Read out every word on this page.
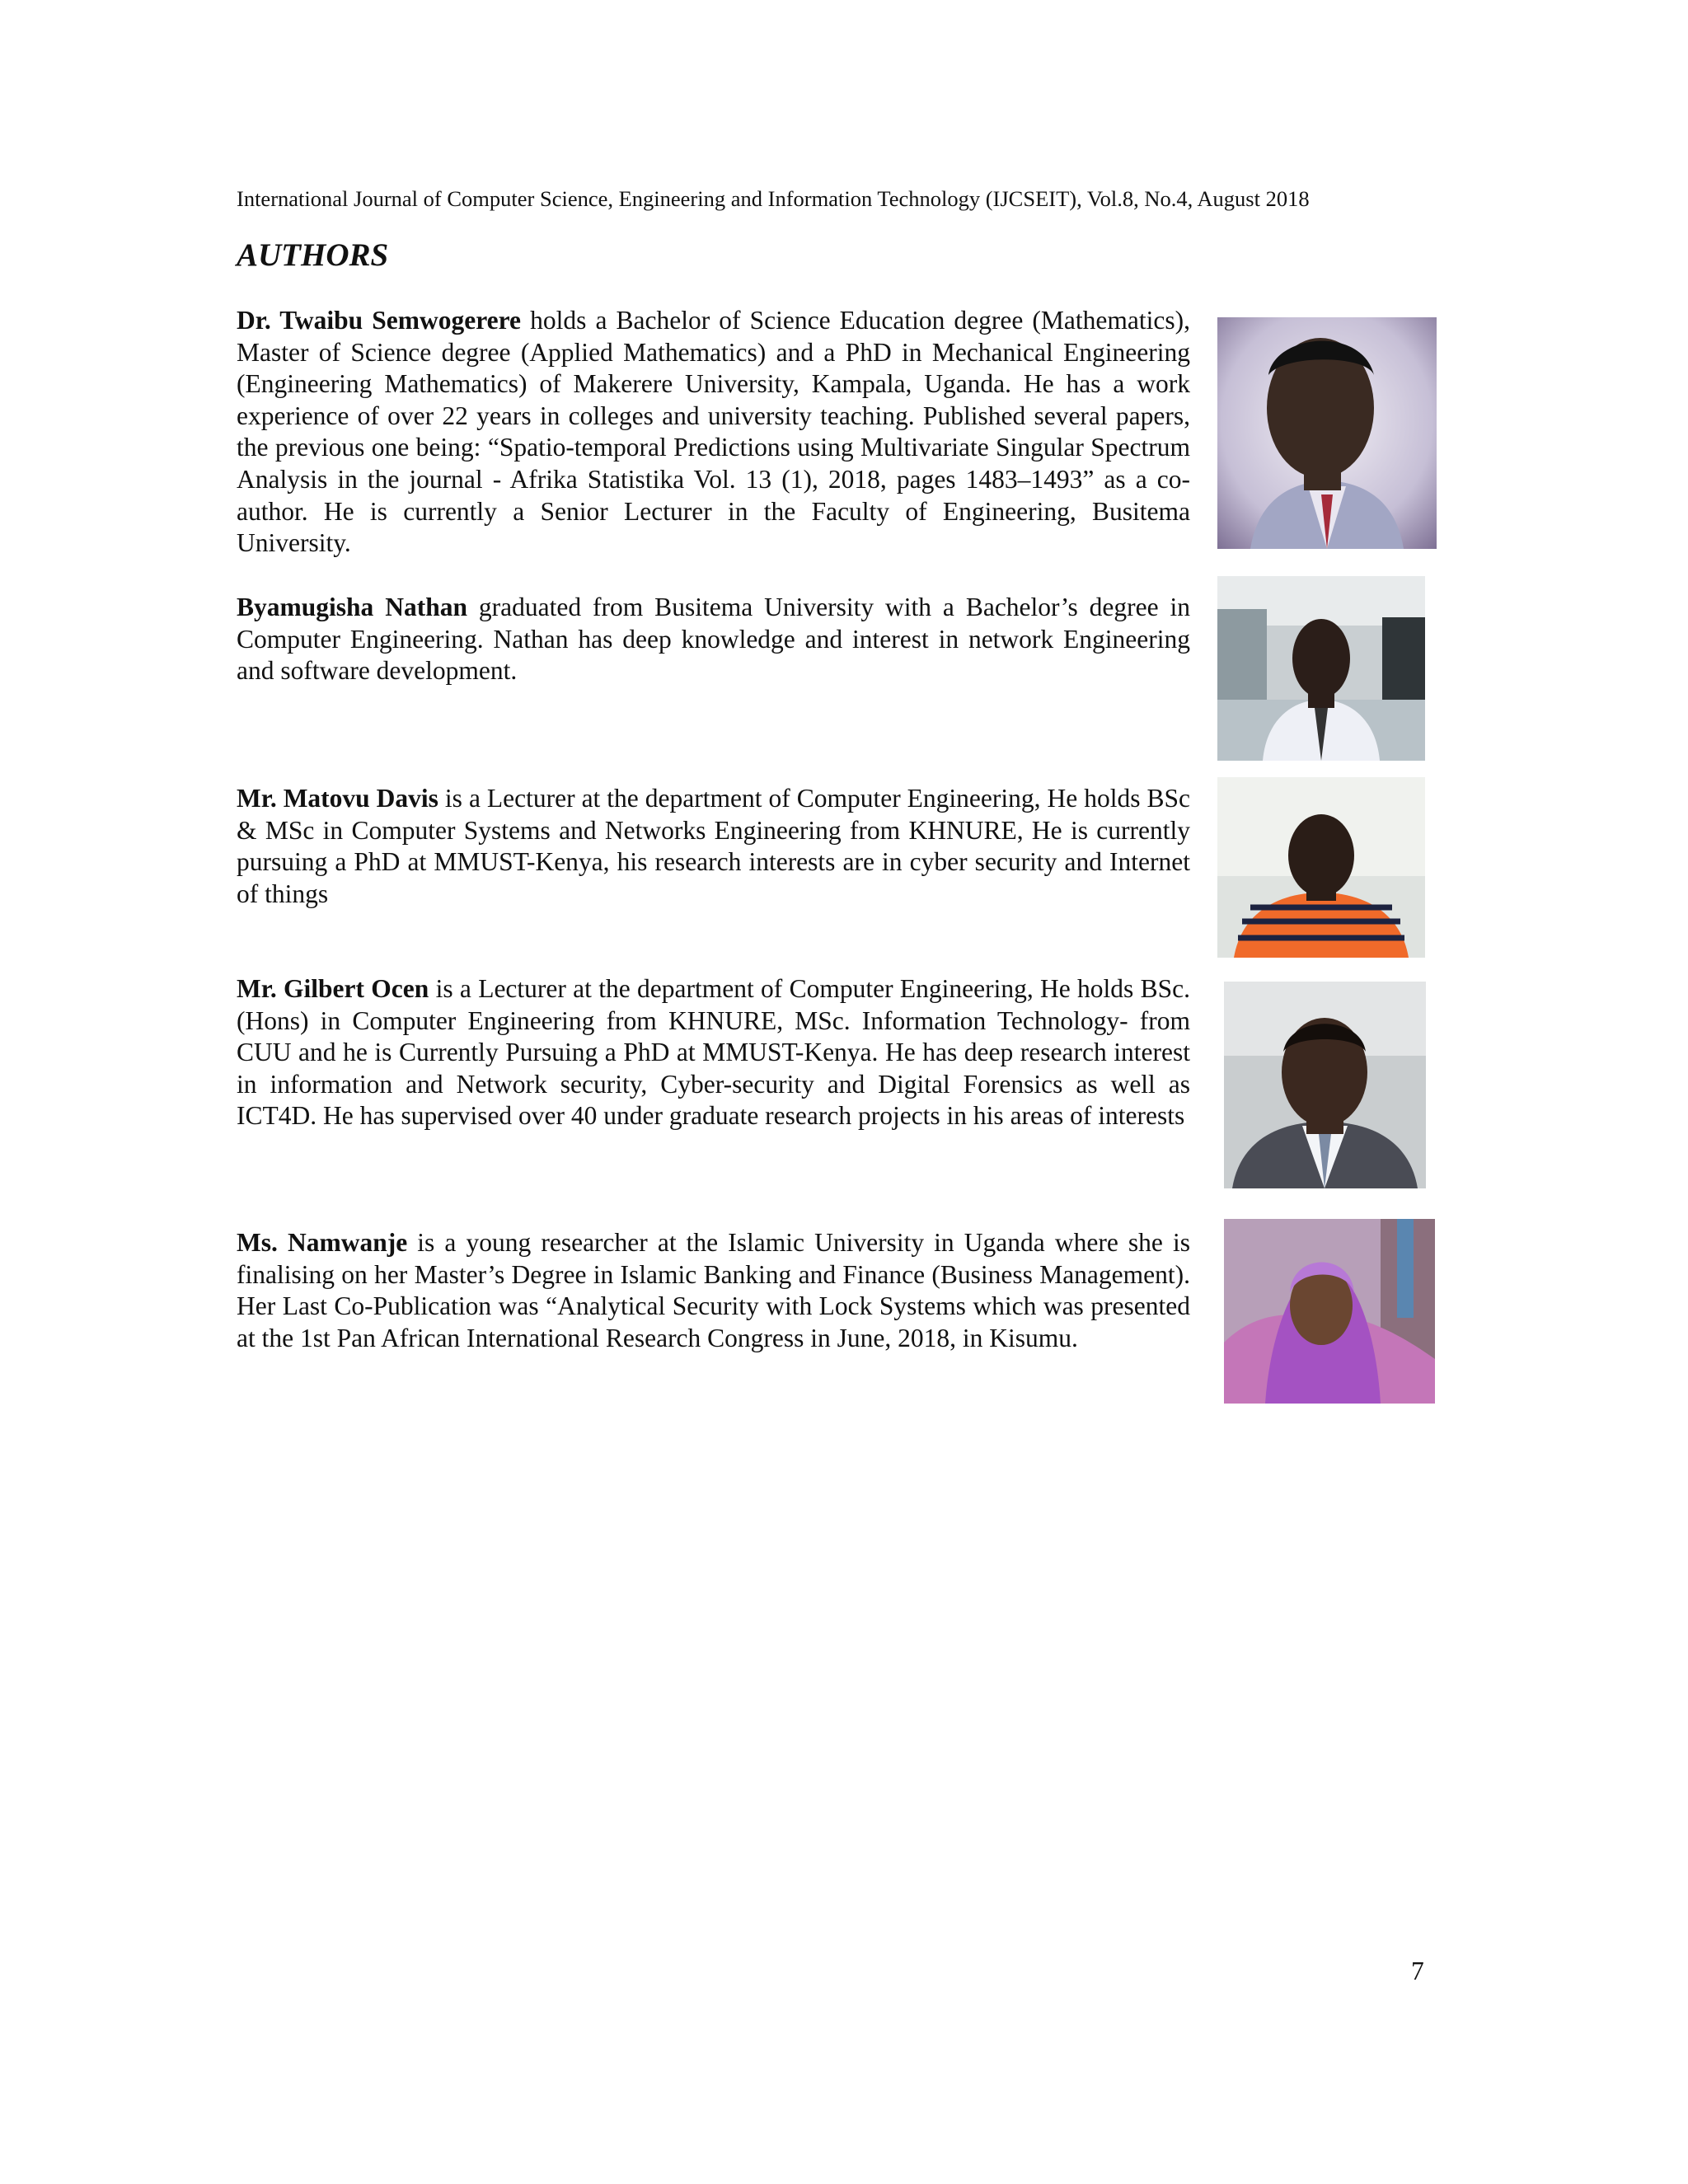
International Journal of Computer Science, Engineering and Information Technology (IJCSEIT), Vol.8, No.4, August 2018
AUTHORS

Dr. Twaibu Semwogerere holds a Bachelor of Science Education degree (Mathematics), Master of Science degree (Applied Mathematics) and a PhD in Mechanical Engineering (Engineering Mathematics) of Makerere University, Kampala, Uganda. He has a work experience of over 22 years in colleges and university teaching. Published several papers, the previous one being: “Spatio-temporal Predictions using Multivariate Singular Spectrum Analysis in the journal - Afrika Statistika Vol. 13 (1), 2018, pages 1483–1493” as a co-author. He is currently a Senior Lecturer in the Faculty of Engineering, Busitema University.

Byamugisha Nathan graduated from Busitema University with a Bachelor’s degree in Computer Engineering. Nathan has deep knowledge and interest in network Engineering and software development.

Mr. Matovu Davis is a Lecturer at the department of Computer Engineering, He holds BSc & MSc in Computer Systems and Networks Engineering from KHNURE, He is currently pursuing a PhD at MMUST-Kenya, his research interests are in cyber security and Internet of things

Mr. Gilbert Ocen is a Lecturer at the department of Computer Engineering, He holds BSc. (Hons) in Computer Engineering from KHNURE, MSc. Information Technology- from CUU and he is Currently Pursuing a PhD at MMUST-Kenya. He has deep research interest in information and Network security, Cyber-security and Digital Forensics as well as ICT4D. He has supervised over 40 under graduate research projects in his areas of interests

Ms. Namwanje is a young researcher at the Islamic University in Uganda where she is finalising on her Master’s Degree in Islamic Banking and Finance (Business Management). Her Last Co-Publication was “Analytical Security with Lock Systems which was presented at the 1st Pan African International Research Congress in June, 2018, in Kisumu.

7
